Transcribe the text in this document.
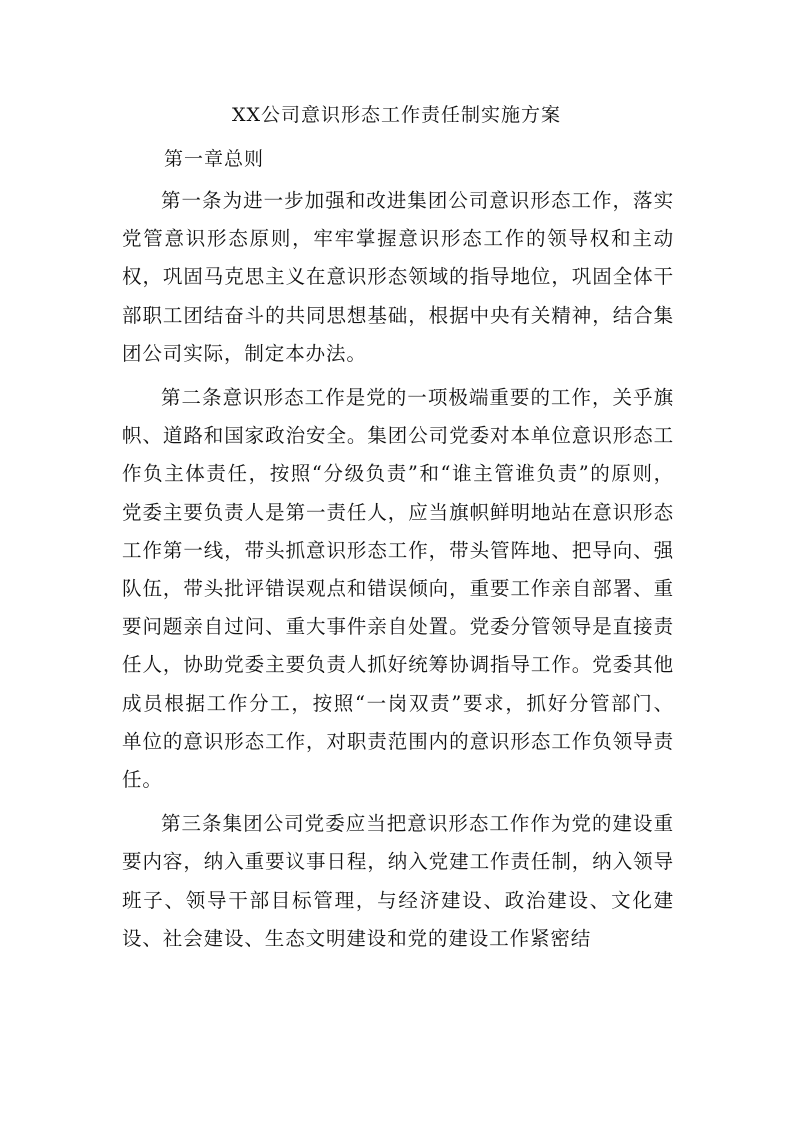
XX公司意识形态工作责任制实施方案
第一章总则

第一条为进一步加强和改进集团公司意识形态工作，落实党管意识形态原则，牢牢掌握意识形态工作的领导权和主动权，巩固马克思主义在意识形态领域的指导地位，巩固全体干部职工团结奋斗的共同思想基础，根据中央有关精神，结合集团公司实际，制定本办法。

第二条意识形态工作是党的一项极端重要的工作，关乎旗帜、道路和国家政治安全。集团公司党委对本单位意识形态工作负主体责任，按照“分级负责”和“谁主管谁负责”的原则，党委主要负责人是第一责任人，应当旗帜鲜明地站在意识形态工作第一线，带头抓意识形态工作，带头管阵地、把导向、强队伍，带头批评错误观点和错误倾向，重要工作亲自部署、重要问题亲自过问、重大事件亲自处置。党委分管领导是直接责任人，协助党委主要负责人抓好统筹协调指导工作。党委其他成员根据工作分工，按照“一岗双责”要求，抓好分管部门、单位的意识形态工作，对职责范围内的意识形态工作负领导责任。

第三条集团公司党委应当把意识形态工作作为党的建设重要内容，纳入重要议事日程，纳入党建工作责任制，纳入领导班子、领导干部目标管理，与经济建设、政治建设、文化建设、社会建设、生态文明建设和党的建设工作紧密结
